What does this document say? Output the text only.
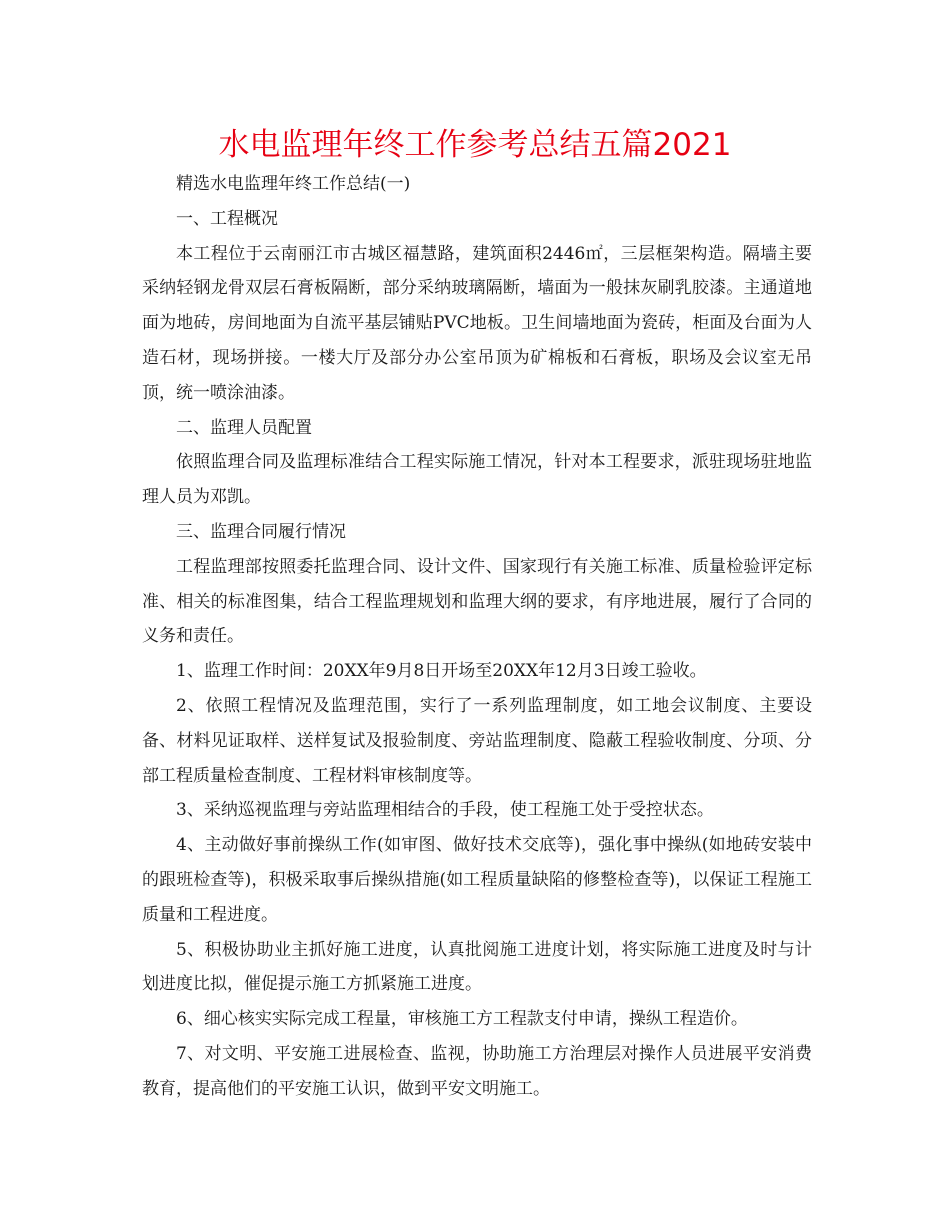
水电监理年终工作参考总结五篇2021

精选水电监理年终工作总结(一)

一、工程概况

本工程位于云南丽江市古城区福慧路，建筑面积2446㎡，三层框架构造。隔墙主要采纳轻钢龙骨双层石膏板隔断，部分采纳玻璃隔断，墙面为一般抹灰刷乳胶漆。主通道地面为地砖，房间地面为自流平基层铺贴PVC地板。卫生间墙地面为瓷砖，柜面及台面为人造石材，现场拼接。一楼大厅及部分办公室吊顶为矿棉板和石膏板，职场及会议室无吊顶，统一喷涂油漆。

二、监理人员配置

依照监理合同及监理标准结合工程实际施工情况，针对本工程要求，派驻现场驻地监理人员为邓凯。

三、监理合同履行情况

工程监理部按照委托监理合同、设计文件、国家现行有关施工标准、质量检验评定标准、相关的标准图集，结合工程监理规划和监理大纲的要求，有序地进展，履行了合同的义务和责任。

1、监理工作时间：20XX年9月8日开场至20XX年12月3日竣工验收。

2、依照工程情况及监理范围，实行了一系列监理制度，如工地会议制度、主要设备、材料见证取样、送样复试及报验制度、旁站监理制度、隐蔽工程验收制度、分项、分部工程质量检查制度、工程材料审核制度等。

3、采纳巡视监理与旁站监理相结合的手段，使工程施工处于受控状态。

4、主动做好事前操纵工作(如审图、做好技术交底等)，强化事中操纵(如地砖安装中的跟班检查等)，积极采取事后操纵措施(如工程质量缺陷的修整检查等)，以保证工程施工质量和工程进度。

5、积极协助业主抓好施工进度，认真批阅施工进度计划，将实际施工进度及时与计划进度比拟，催促提示施工方抓紧施工进度。

6、细心核实实际完成工程量，审核施工方工程款支付申请，操纵工程造价。

7、对文明、平安施工进展检查、监视，协助施工方治理层对操作人员进展平安消费教育，提高他们的平安施工认识，做到平安文明施工。
